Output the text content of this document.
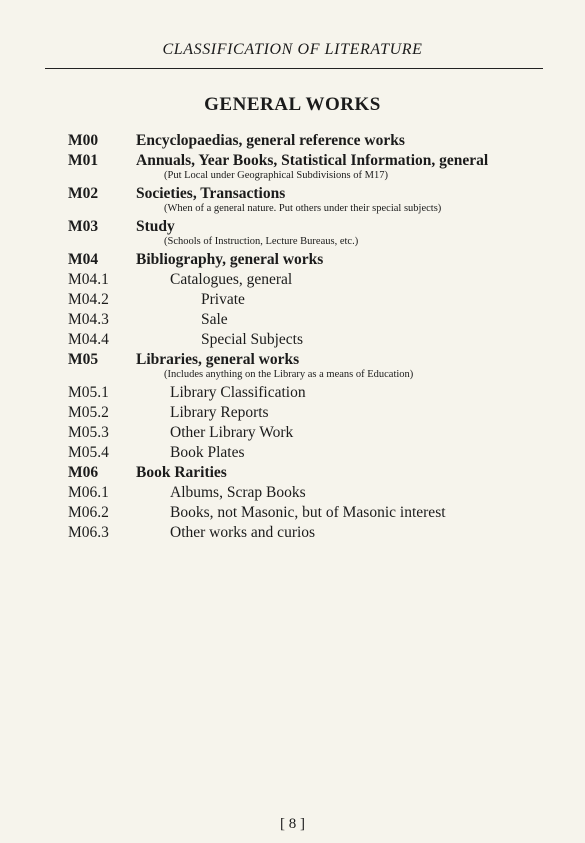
CLASSIFICATION OF LITERATURE

GENERAL WORKS
M00 Encyclopaedias, general reference works
M01 Annuals, Year Books, Statistical Information, general
(Put Local under Geographical Subdivisions of M17)
M02 Societies, Transactions
(When of a general nature. Put others under their special subjects)
M03 Study
(Schools of Instruction, Lecture Bureaus, etc.)
M04 Bibliography, general works
M04.1	Catalogues, general
M04.2	Private
M04.3	Sale
M04.4	Special Subjects
M05 Libraries, general works
(Includes anything on the Library as a means of Education)
M05.1	Library Classification
M05.2	Library Reports
M05.3	Other Library Work
M05.4	Book Plates
M06 Book Rarities
M06.1	Albums, Scrap Books
M06.2	Books, not Masonic, but of Masonic interest
M06.3	Other works and curios
[ 8 ]
